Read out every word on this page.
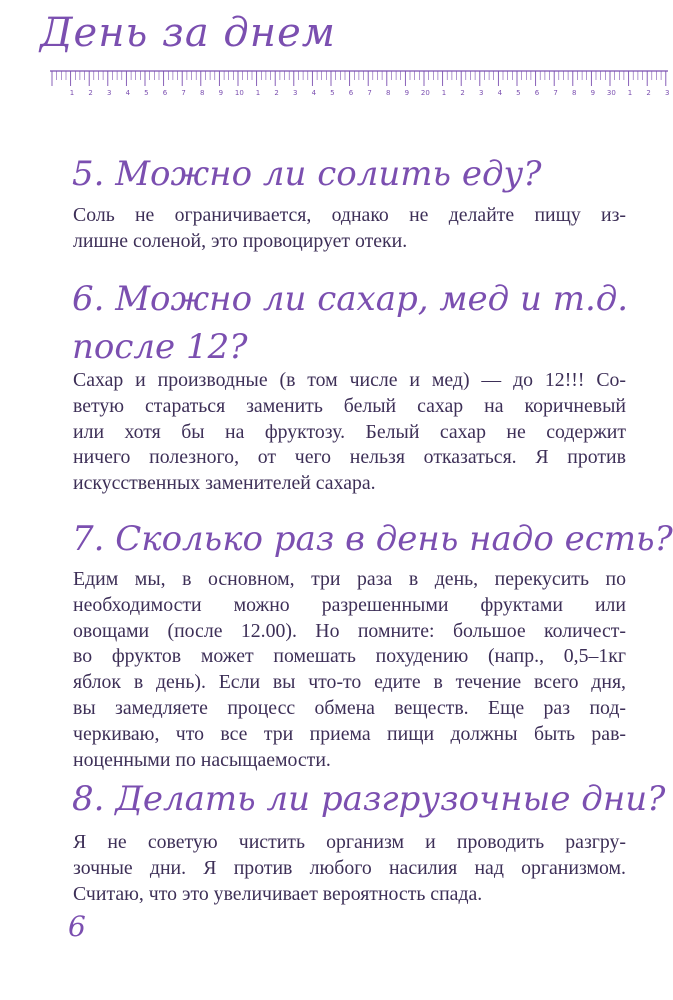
День за днем
1 2 3 4 5 6 7 8 9 10 1 2 3 4 5 6 7 8 9 20 1 2 3 4 5 6 7 8 9 30 1 2 3
5. Можно ли солить еду?
Соль не ограничивается, однако не делайте пищу из-
лишне соленой, это провоцирует отеки.
6. Можно ли сахар, мед и т.д.
после 12?
Сахар и производные (в том числе и мед) — до 12!!! Со-
ветую стараться заменить белый сахар на коричневый
или хотя бы на фруктозу. Белый сахар не содержит
ничего полезного, от чего нельзя отказаться. Я против
искусственных заменителей сахара.
7. Сколько раз в день надо есть?
Едим мы, в основном, три раза в день, перекусить по
необходимости можно разрешенными фруктами или
овощами (после 12.00). Но помните: большое количест-
во фруктов может помешать похудению (напр., 0,5–1кг
яблок в день). Если вы что-то едите в течение всего дня,
вы замедляете процесс обмена веществ. Еще раз под-
черкиваю, что все три приема пищи должны быть рав-
ноценными по насыщаемости.
8. Делать ли разгрузочные дни?
Я не советую чистить организм и проводить разгру-
зочные дни. Я против любого насилия над организмом.
Считаю, что это увеличивает вероятность спада.
6
